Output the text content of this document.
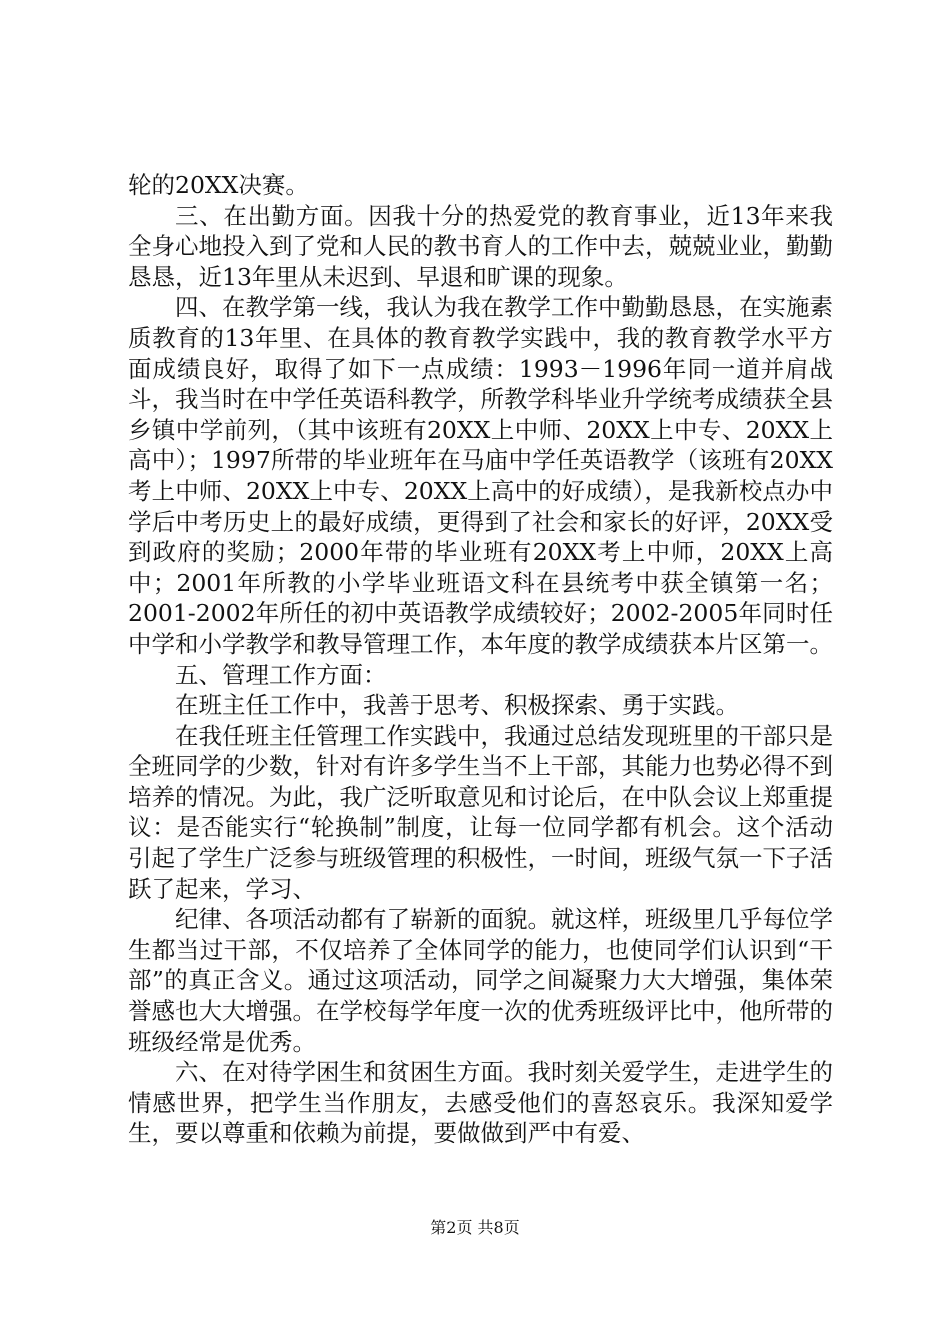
轮的20XX决赛。

三、在出勤方面。因我十分的热爱党的教育事业，近13年来我全身心地投入到了党和人民的教书育人的工作中去，兢兢业业，勤勤恳恳，近13年里从未迟到、早退和旷课的现象。

四、在教学第一线，我认为我在教学工作中勤勤恳恳，在实施素质教育的13年里、在具体的教育教学实践中，我的教育教学水平方面成绩良好，取得了如下一点成绩：1993－1996年同一道并肩战斗，我当时在中学任英语科教学，所教学科毕业升学统考成绩获全县乡镇中学前列，（其中该班有20XX上中师、20XX上中专、20XX上高中）；1997所带的毕业班年在马庙中学任英语教学（该班有20XX考上中师、20XX上中专、20XX上高中的好成绩），是我新校点办中学后中考历史上的最好成绩，更得到了社会和家长的好评，20XX受到政府的奖励；2000年带的毕业班有20XX考上中师，20XX上高中；2001年所教的小学毕业班语文科在县统考中获全镇第一名；2001-2002年所任的初中英语教学成绩较好；2002-2005年同时任中学和小学教学和教导管理工作，本年度的教学成绩获本片区第一。

五、管理工作方面：

在班主任工作中，我善于思考、积极探索、勇于实践。

在我任班主任管理工作实践中，我通过总结发现班里的干部只是全班同学的少数，针对有许多学生当不上干部，其能力也势必得不到培养的情况。为此，我广泛听取意见和讨论后，在中队会议上郑重提议：是否能实行“轮换制”制度，让每一位同学都有机会。这个活动引起了学生广泛参与班级管理的积极性，一时间，班级气氛一下子活跃了起来，学习、

纪律、各项活动都有了崭新的面貌。就这样，班级里几乎每位学生都当过干部，不仅培养了全体同学的能力，也使同学们认识到“干部”的真正含义。通过这项活动，同学之间凝聚力大大增强，集体荣誉感也大大增强。在学校每学年度一次的优秀班级评比中，他所带的班级经常是优秀。

六、在对待学困生和贫困生方面。我时刻关爱学生，走进学生的情感世界，把学生当作朋友，去感受他们的喜怒哀乐。我深知爱学生，要以尊重和依赖为前提，要做做到严中有爱、

第2页 共8页
